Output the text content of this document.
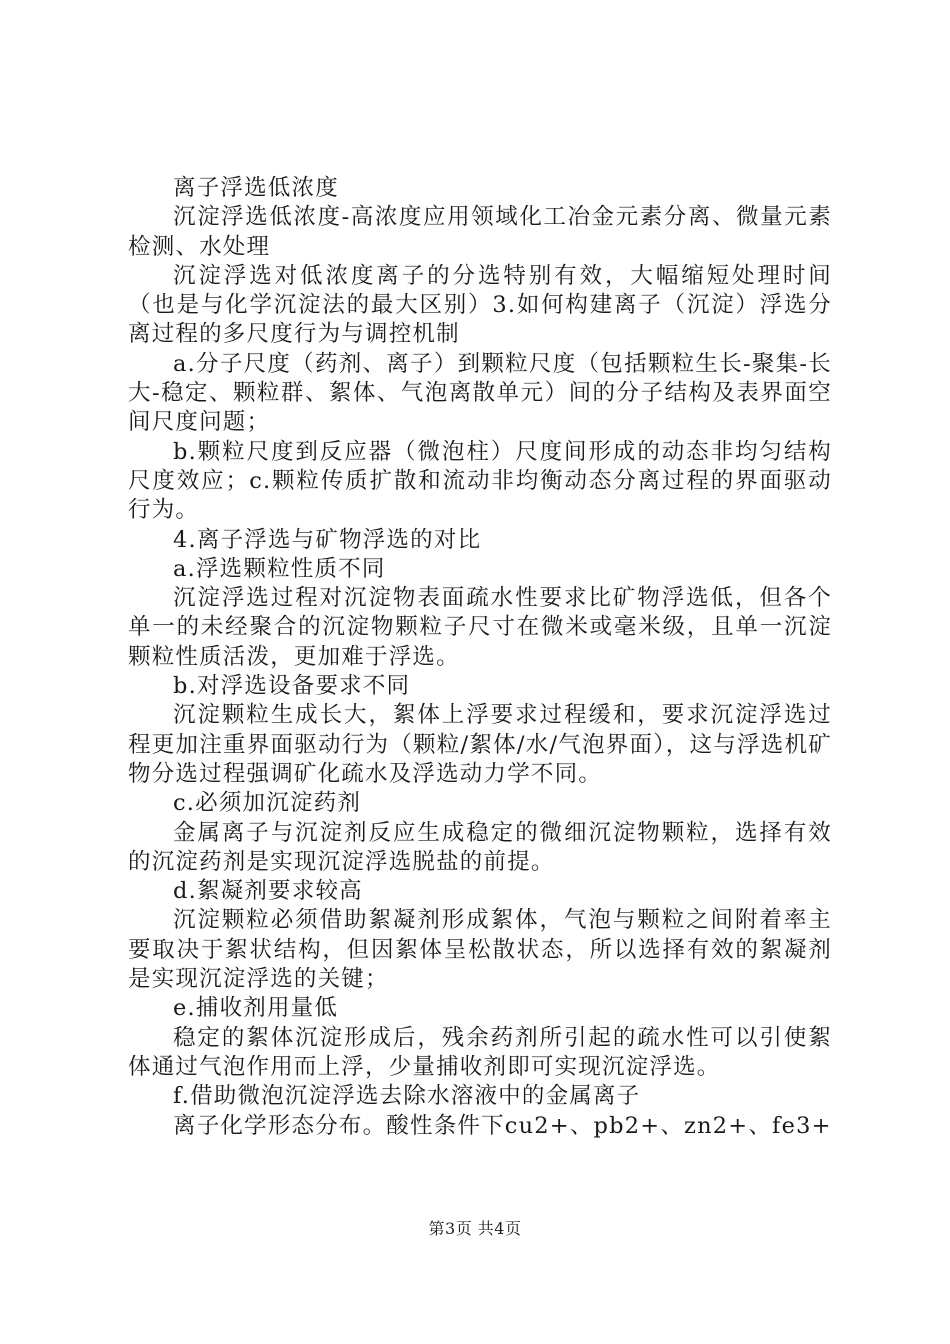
离子浮选低浓度

沉淀浮选低浓度-高浓度应用领域化工冶金元素分离、微量元素检测、水处理

沉淀浮选对低浓度离子的分选特别有效，大幅缩短处理时间（也是与化学沉淀法的最大区别）3.如何构建离子（沉淀）浮选分离过程的多尺度行为与调控机制

a.分子尺度（药剂、离子）到颗粒尺度（包括颗粒生长-聚集-长大-稳定、颗粒群、絮体、气泡离散单元）间的分子结构及表界面空间尺度问题；

b.颗粒尺度到反应器（微泡柱）尺度间形成的动态非均匀结构尺度效应；c.颗粒传质扩散和流动非均衡动态分离过程的界面驱动行为。

4.离子浮选与矿物浮选的对比

a.浮选颗粒性质不同

沉淀浮选过程对沉淀物表面疏水性要求比矿物浮选低，但各个单一的未经聚合的沉淀物颗粒子尺寸在微米或毫米级，且单一沉淀颗粒性质活泼，更加难于浮选。

b.对浮选设备要求不同

沉淀颗粒生成长大，絮体上浮要求过程缓和，要求沉淀浮选过程更加注重界面驱动行为（颗粒/絮体/水/气泡界面），这与浮选机矿物分选过程强调矿化疏水及浮选动力学不同。

c.必须加沉淀药剂

金属离子与沉淀剂反应生成稳定的微细沉淀物颗粒，选择有效的沉淀药剂是实现沉淀浮选脱盐的前提。

d.絮凝剂要求较高

沉淀颗粒必须借助絮凝剂形成絮体，气泡与颗粒之间附着率主要取决于絮状结构，但因絮体呈松散状态，所以选择有效的絮凝剂是实现沉淀浮选的关键；

e.捕收剂用量低

稳定的絮体沉淀形成后，残余药剂所引起的疏水性可以引使絮体通过气泡作用而上浮，少量捕收剂即可实现沉淀浮选。

f.借助微泡沉淀浮选去除水溶液中的金属离子

离子化学形态分布。酸性条件下cu2+、pb2+、zn2+、fe3+

第3页 共4页
